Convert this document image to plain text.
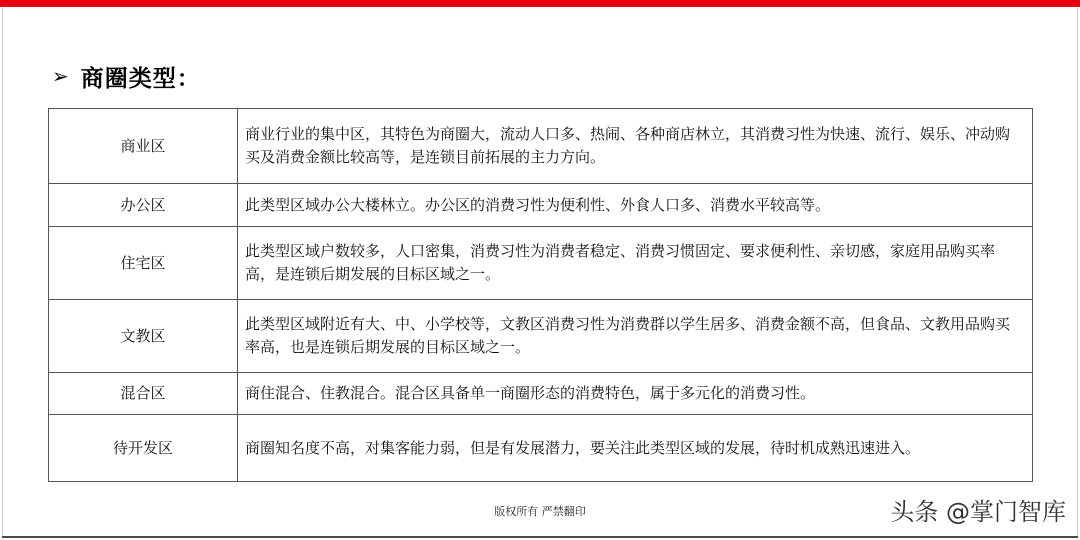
➢ 商圈类型：
商业区	商业行业的集中区，其特色为商圈大，流动人口多、热闹、各种商店林立，其消费习性为快速、流行、娱乐、冲动购买及消费金额比较高等，是连锁目前拓展的主力方向。
办公区	此类型区域办公大楼林立。办公区的消费习性为便利性、外食人口多、消费水平较高等。
住宅区	此类型区域户数较多，人口密集，消费习性为消费者稳定、消费习惯固定、要求便利性、亲切感，家庭用品购买率高，是连锁后期发展的目标区域之一。
文教区	此类型区域附近有大、中、小学校等，文教区消费习性为消费群以学生居多、消费金额不高，但食品、文教用品购买率高，也是连锁后期发展的目标区域之一。
混合区	商住混合、住教混合。混合区具备单一商圈形态的消费特色，属于多元化的消费习性。
待开发区	商圈知名度不高，对集客能力弱，但是有发展潜力，要关注此类型区域的发展，待时机成熟迅速进入。
版权所有 严禁翻印	头条 @掌门智库
